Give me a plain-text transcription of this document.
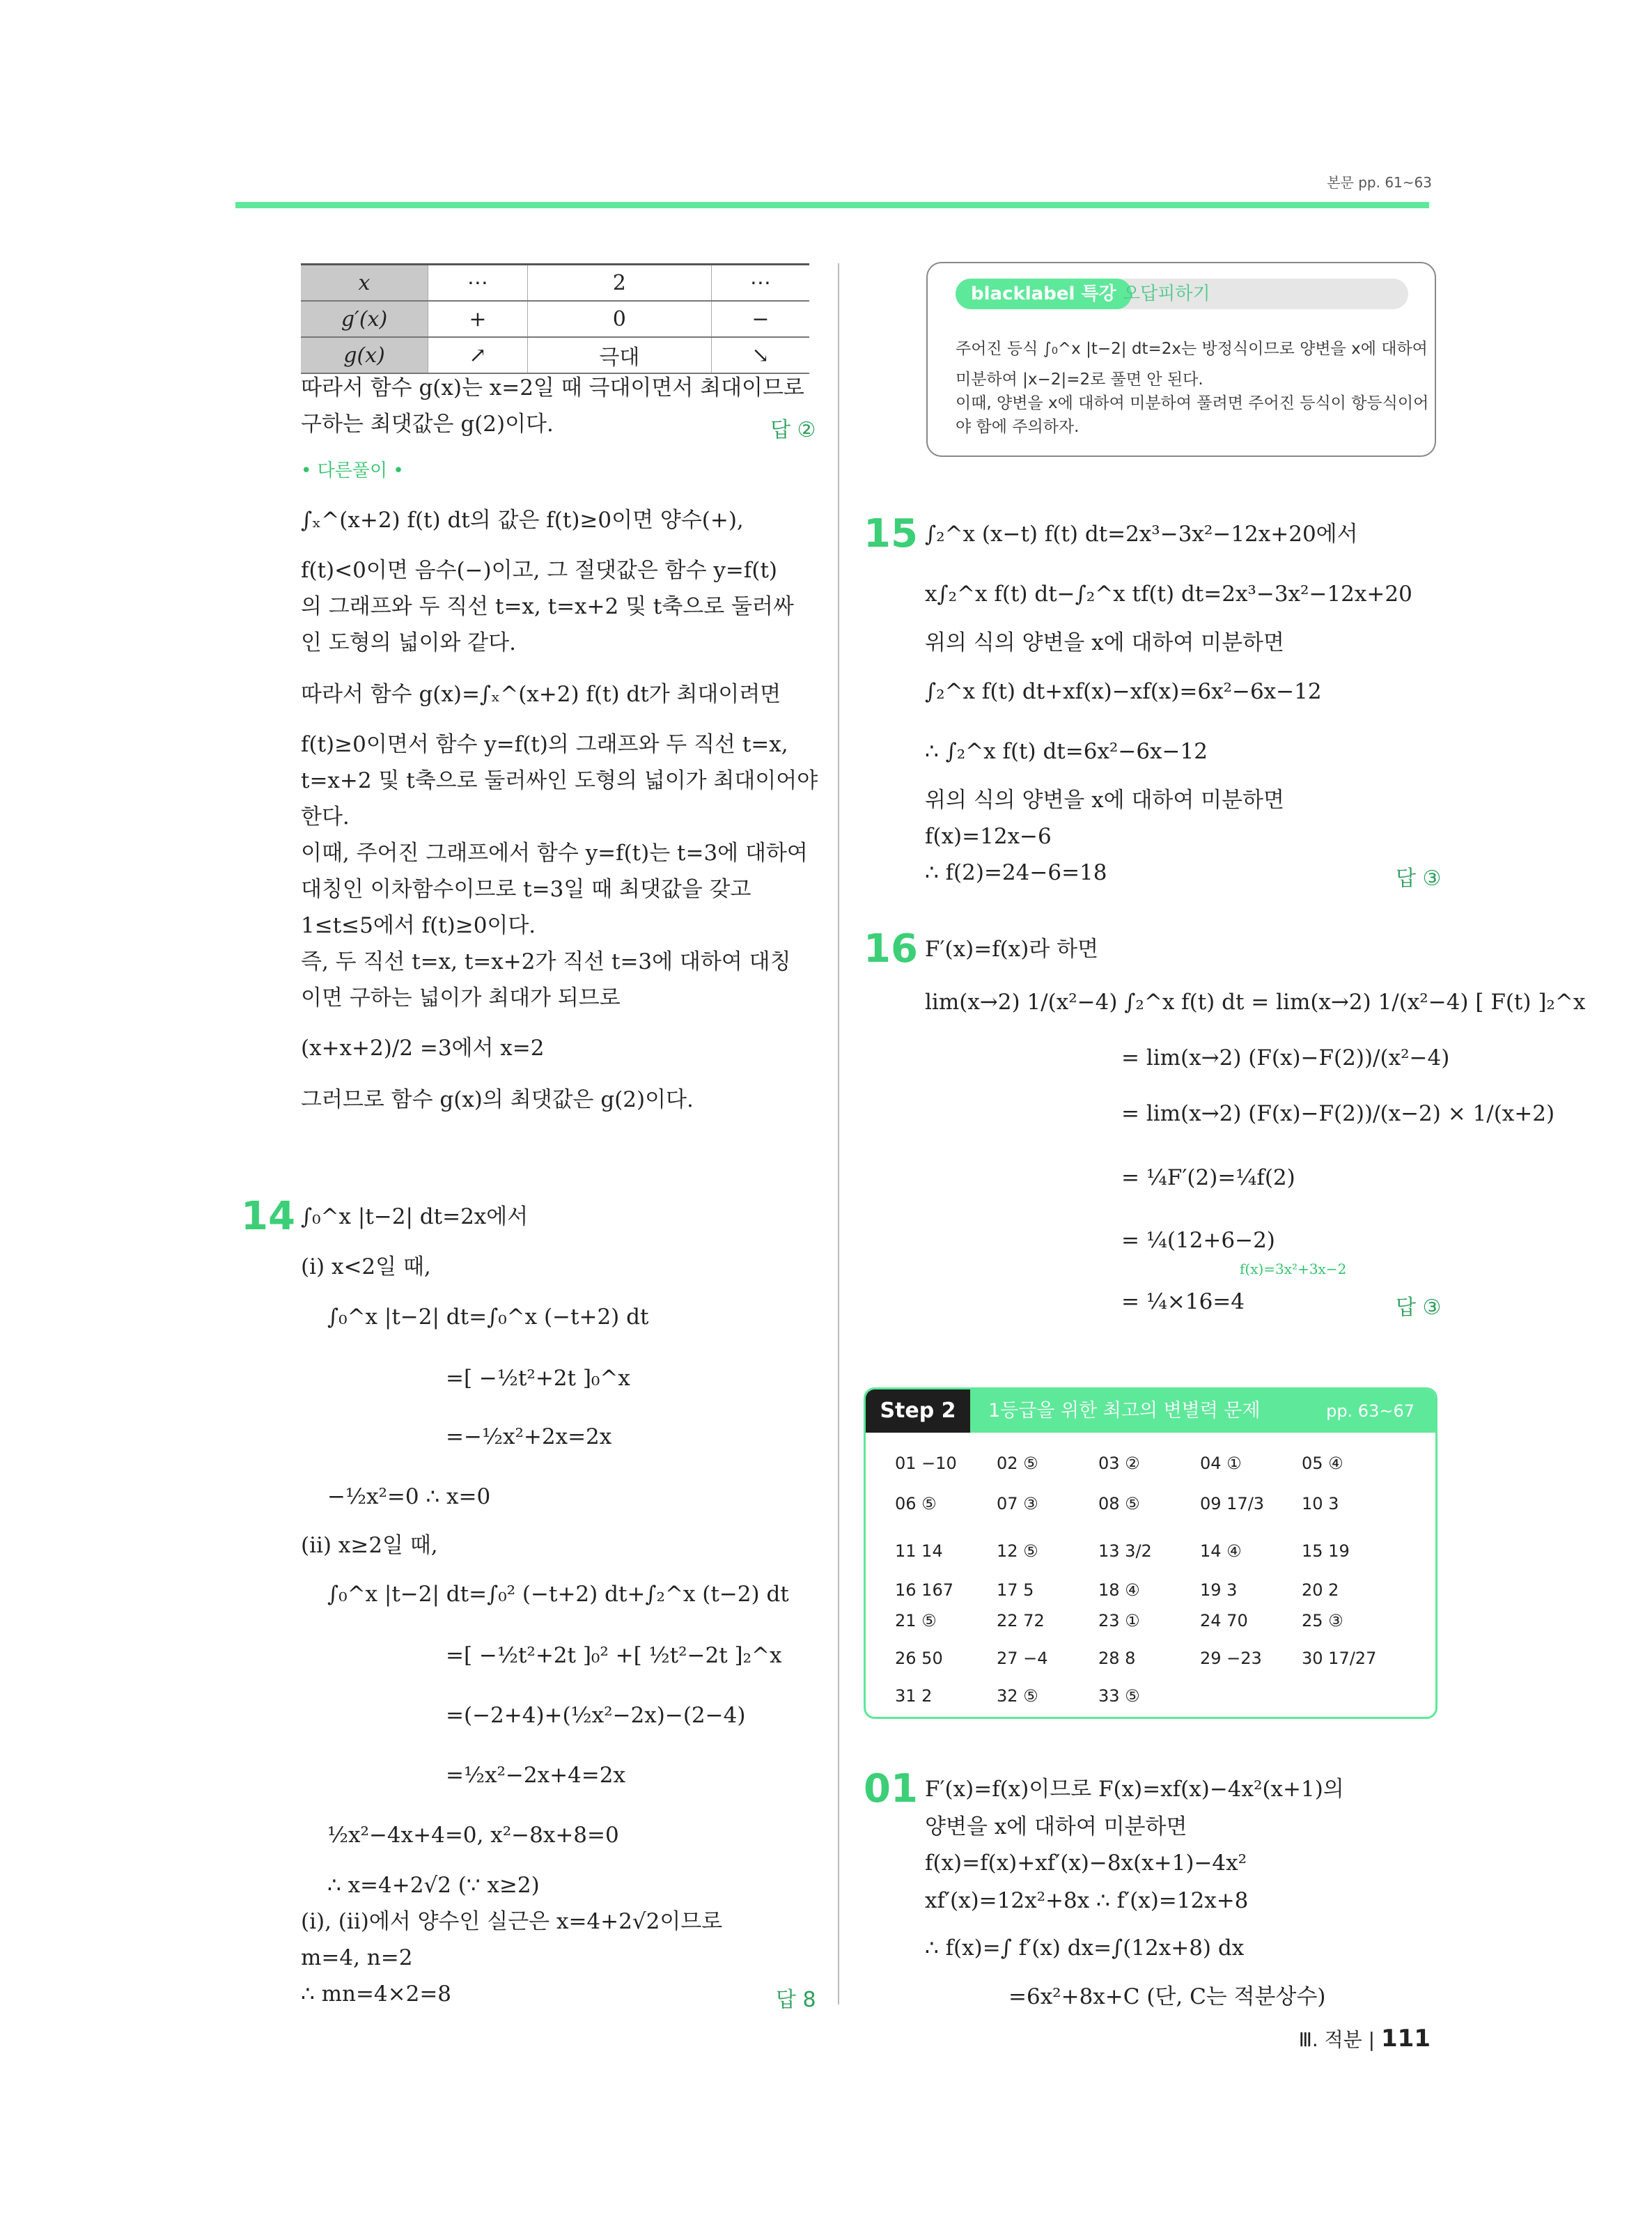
본문 pp. 61~63
x	⋯	2	⋯
g′(x)	+	0	−
g(x)	↗	극대	↘
따라서 함수 g(x)는 x=2일 때 극대이면서 최대이므로
구하는 최댓값은 g(2)이다.	답 ②
• 다른풀이 •
∫ₓ^(x+2) f(t) dt의 값은 f(t)≥0이면 양수(+),
f(t)<0이면 음수(−)이고, 그 절댓값은 함수 y=f(t)
의 그래프와 두 직선 t=x, t=x+2 및 t축으로 둘러싸
인 도형의 넓이와 같다.
따라서 함수 g(x)=∫ₓ^(x+2) f(t) dt가 최대이려면
f(t)≥0이면서 함수 y=f(t)의 그래프와 두 직선 t=x,
t=x+2 및 t축으로 둘러싸인 도형의 넓이가 최대이어야
한다.
이때, 주어진 그래프에서 함수 y=f(t)는 t=3에 대하여
대칭인 이차함수이므로 t=3일 때 최댓값을 갖고
1≤t≤5에서 f(t)≥0이다.
즉, 두 직선 t=x, t=x+2가 직선 t=3에 대하여 대칭
이면 구하는 넓이가 최대가 되므로
(x+x+2)/2 =3에서 x=2
그러므로 함수 g(x)의 최댓값은 g(2)이다.
14 ∫₀^x |t−2| dt=2x에서
(i) x<2일 때,
∫₀^x |t−2| dt=∫₀^x (−t+2) dt
=[ −½t²+2t ]₀^x
=−½x²+2x=2x
−½x²=0 ∴ x=0
(ii) x≥2일 때,
∫₀^x |t−2| dt=∫₀² (−t+2) dt+∫₂^x (t−2) dt
=[ −½t²+2t ]₀² +[ ½t²−2t ]₂^x
=(−2+4)+(½x²−2x)−(2−4)
=½x²−2x+4=2x
½x²−4x+4=0, x²−8x+8=0
∴ x=4+2√2 (∵ x≥2)
(i), (ii)에서 양수인 실근은 x=4+2√2이므로
m=4, n=2
∴ mn=4×2=8	답 8
blacklabel 특강 오답피하기
주어진 등식 ∫₀^x |t−2| dt=2x는 방정식이므로 양변을 x에 대하여
미분하여 |x−2|=2로 풀면 안 된다.
이때, 양변을 x에 대하여 미분하여 풀려면 주어진 등식이 항등식이어
야 함에 주의하자.
15 ∫₂^x (x−t) f(t) dt=2x³−3x²−12x+20에서
x∫₂^x f(t) dt−∫₂^x tf(t) dt=2x³−3x²−12x+20
위의 식의 양변을 x에 대하여 미분하면
∫₂^x f(t) dt+xf(x)−xf(x)=6x²−6x−12
∴ ∫₂^x f(t) dt=6x²−6x−12
위의 식의 양변을 x에 대하여 미분하면
f(x)=12x−6
∴ f(2)=24−6=18	답 ③
16 F′(x)=f(x)라 하면
lim(x→2) 1/(x²−4) ∫₂^x f(t) dt = lim(x→2) 1/(x²−4) [ F(t) ]₂^x
= lim(x→2) (F(x)−F(2))/(x²−4)
= lim(x→2) (F(x)−F(2))/(x−2) × 1/(x+2)
= ¼F′(2)=¼f(2)
= ¼(12+6−2)
f(x)=3x²+3x−2
= ¼×16=4	답 ③
Step 2	1등급을 위한 최고의 변별력 문제	pp. 63~67
01 −10 02 ⑤	03 ②	04 ①	05 ④
06 ⑤	07 ③	08 ⑤	09 17/3 10 3
11 14	12 ⑤	13 3/2	14 ④	15 19
16 167	17 5	18 ④	19 3	20 2
21 ⑤	22 72	23 ①	24 70	25 ③
26 50	27 −4	28 8	29 −23 30 17/27
31 2	32 ⑤	33 ⑤
01 F′(x)=f(x)이므로 F(x)=xf(x)−4x²(x+1)의
양변을 x에 대하여 미분하면
f(x)=f(x)+xf′(x)−8x(x+1)−4x²
xf′(x)=12x²+8x ∴ f′(x)=12x+8
∴ f(x)=∫ f′(x) dx=∫(12x+8) dx
=6x²+8x+C (단, C는 적분상수)
Ⅲ. 적분 | 111
